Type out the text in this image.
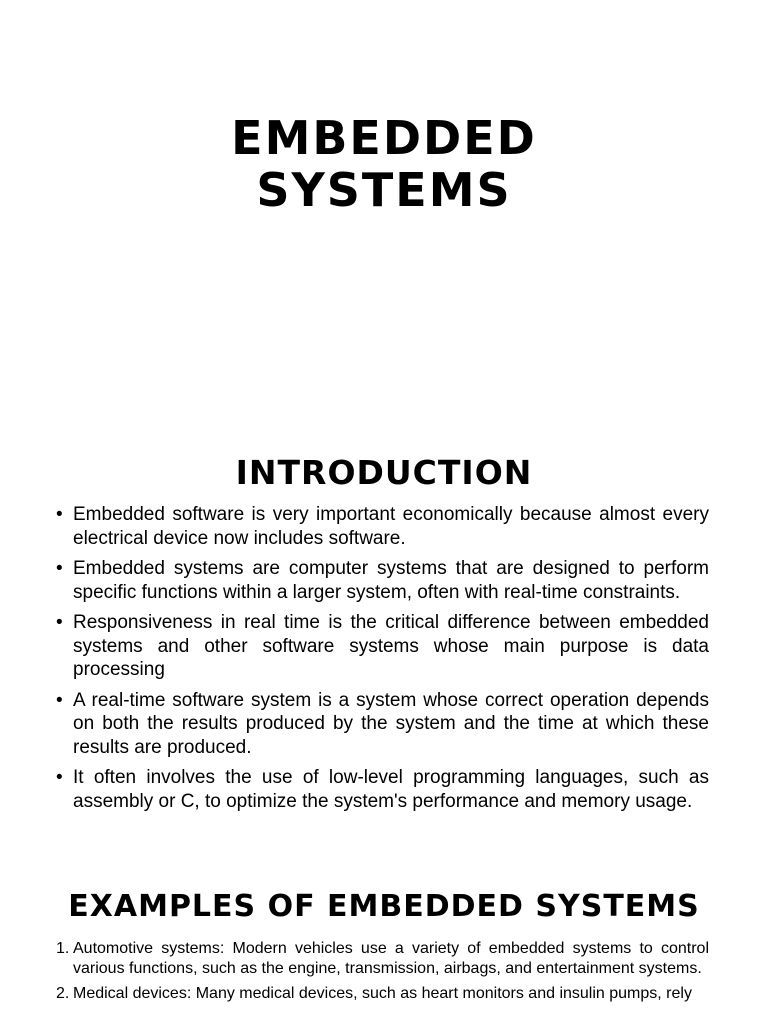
EMBEDDED
SYSTEMS
INTRODUCTION
• Embedded software is very important economically because almost every electrical device now includes software.
• Embedded systems are computer systems that are designed to perform specific functions within a larger system, often with real-time constraints.
• Responsiveness in real time is the critical difference between embedded systems and other software systems whose main purpose is data processing
• A real-time software system is a system whose correct operation depends on both the results produced by the system and the time at which these results are produced.
• It often involves the use of low-level programming languages, such as assembly or C, to optimize the system's performance and memory usage.
EXAMPLES OF EMBEDDED SYSTEMS
1. Automotive systems: Modern vehicles use a variety of embedded systems to control various functions, such as the engine, transmission, airbags, and entertainment systems.
2. Medical devices: Many medical devices, such as heart monitors and insulin pumps, rely
